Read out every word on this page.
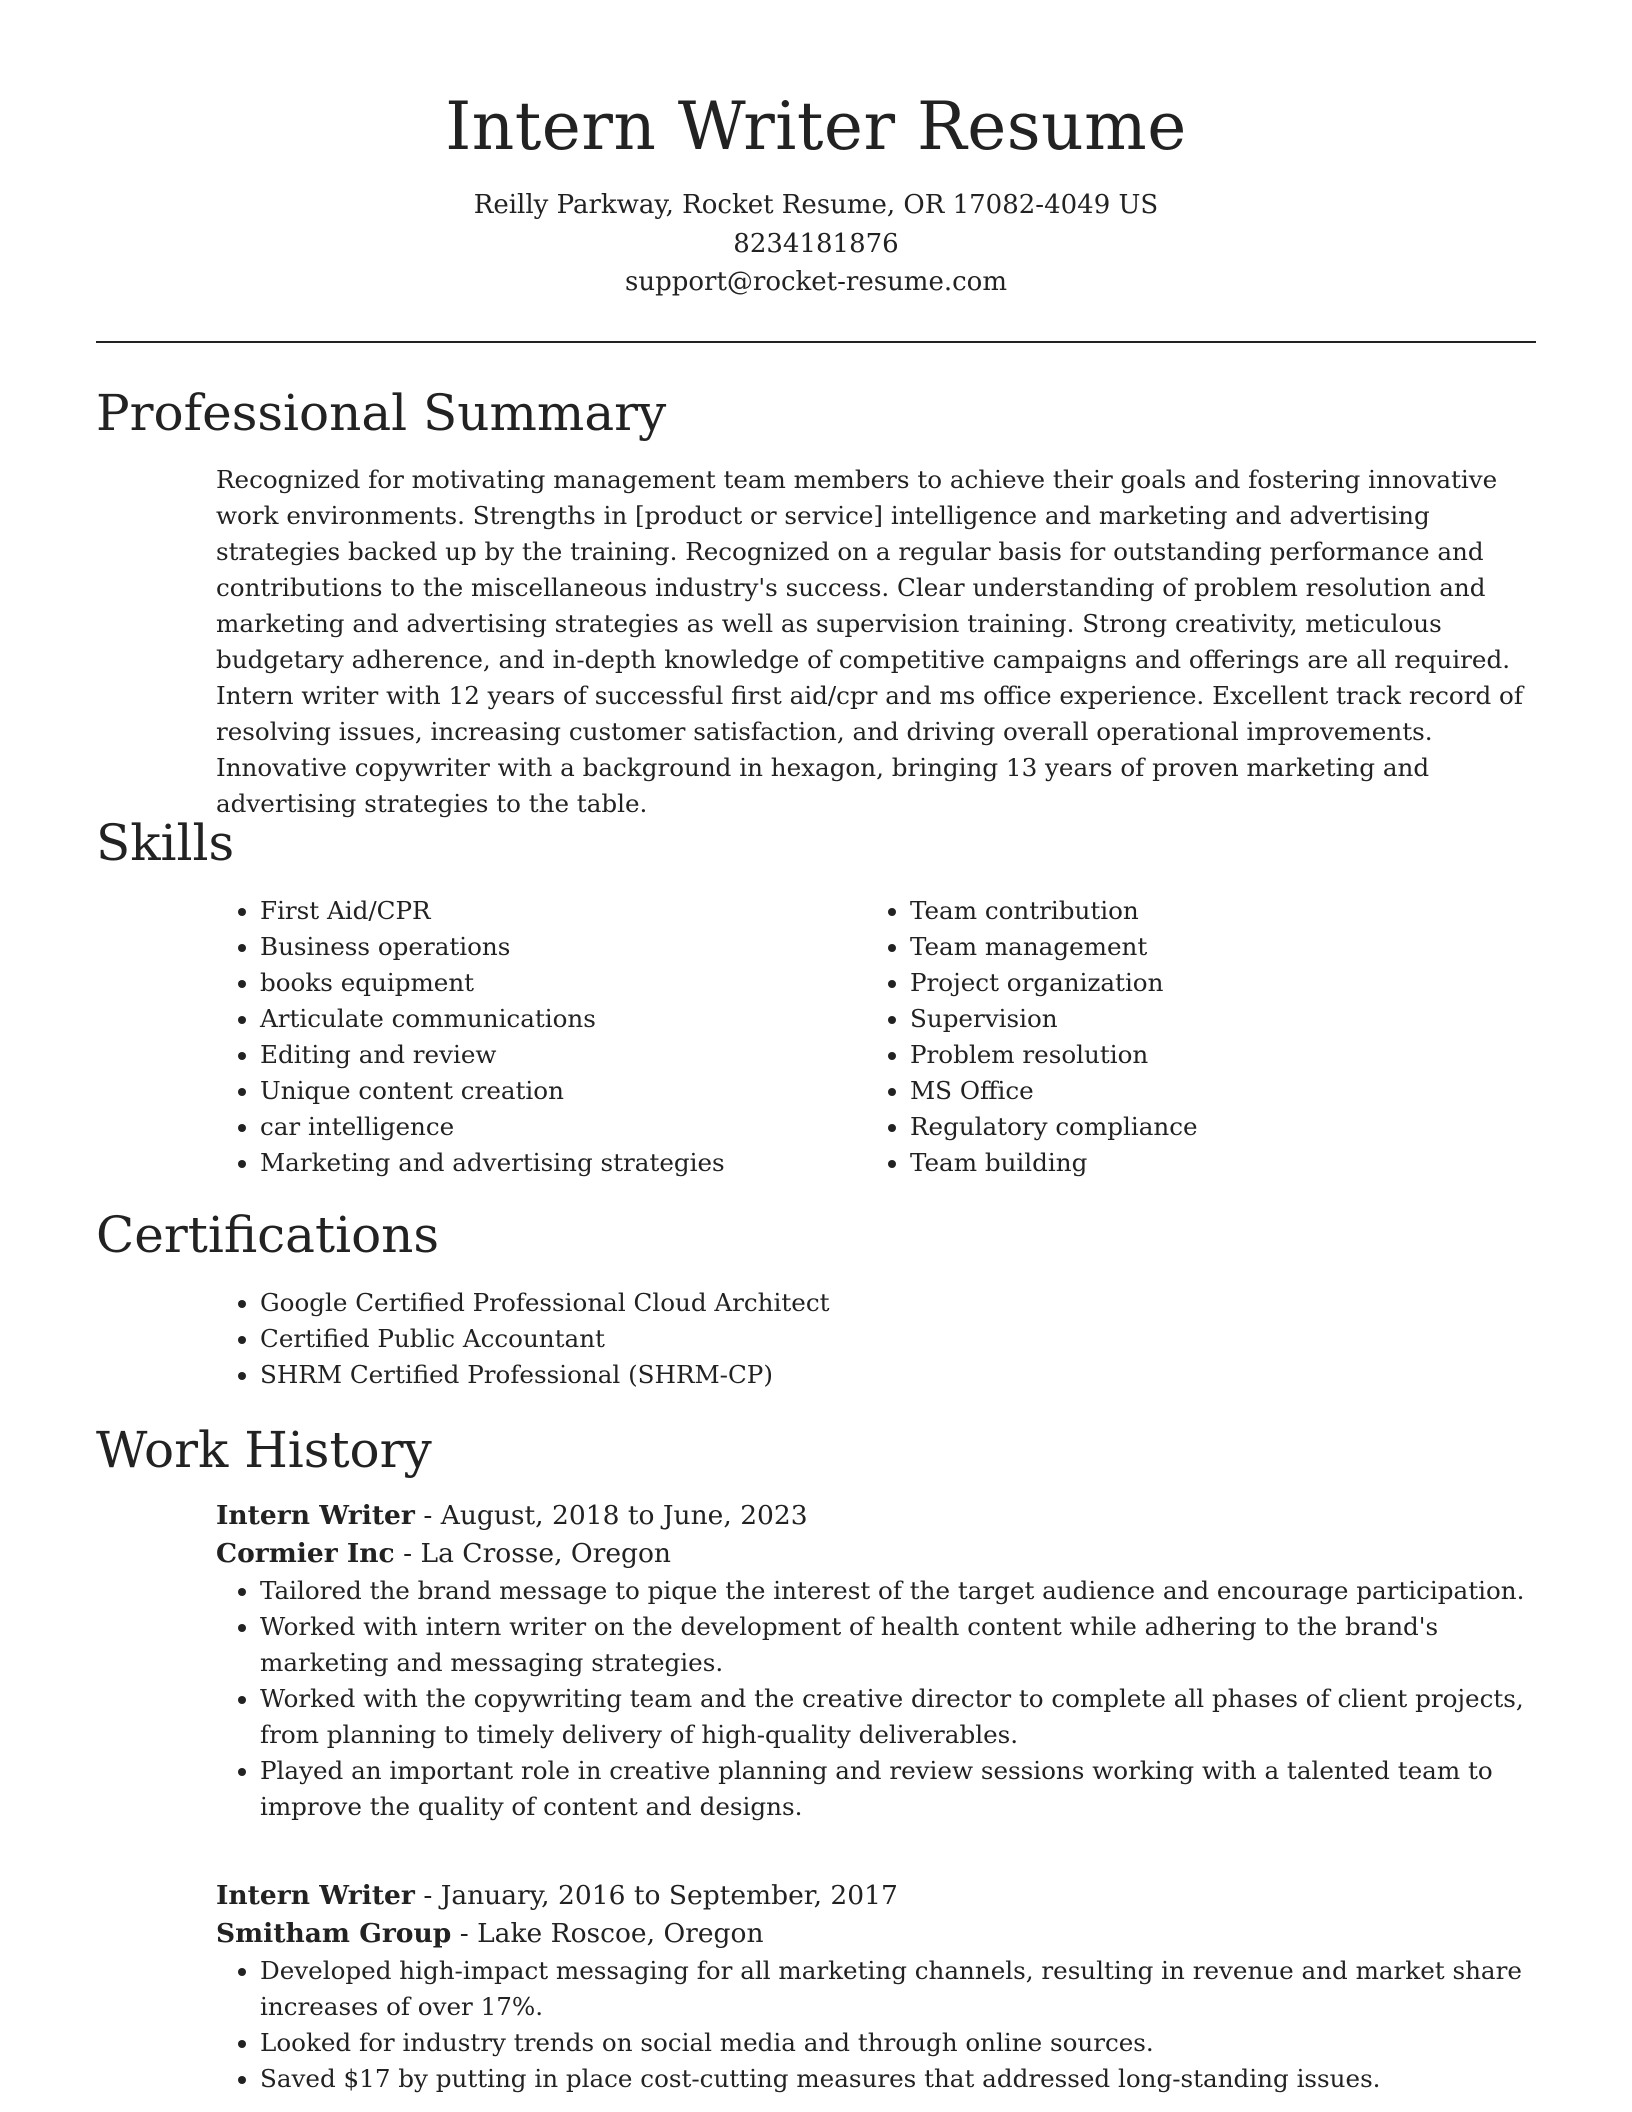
Intern Writer Resume
Reilly Parkway, Rocket Resume, OR 17082-4049 US
8234181876
support@rocket-resume.com
Professional Summary

Recognized for motivating management team members to achieve their goals and fostering innovative work environments. Strengths in [product or service] intelligence and marketing and advertising strategies backed up by the training. Recognized on a regular basis for outstanding performance and contributions to the miscellaneous industry's success. Clear understanding of problem resolution and marketing and advertising strategies as well as supervision training. Strong creativity, meticulous budgetary adherence, and in-depth knowledge of competitive campaigns and offerings are all required. Intern writer with 12 years of successful first aid/cpr and ms office experience. Excellent track record of resolving issues, increasing customer satisfaction, and driving overall operational improvements. Innovative copywriter with a background in hexagon, bringing 13 years of proven marketing and advertising strategies to the table.

Skills
• First Aid/CPR
• Business operations
• books equipment
• Articulate communications
• Editing and review
• Unique content creation
• car intelligence
• Marketing and advertising strategies
• Team contribution
• Team management
• Project organization
• Supervision
• Problem resolution
• MS Office
• Regulatory compliance
• Team building
Certifications
• Google Certified Professional Cloud Architect
• Certified Public Accountant
• SHRM Certified Professional (SHRM-CP)
Work History
Intern Writer - August, 2018 to June, 2023
Cormier Inc - La Crosse, Oregon
• Tailored the brand message to pique the interest of the target audience and encourage participation.
• Worked with intern writer on the development of health content while adhering to the brand's marketing and messaging strategies.
• Worked with the copywriting team and the creative director to complete all phases of client projects, from planning to timely delivery of high-quality deliverables.
• Played an important role in creative planning and review sessions working with a talented team to improve the quality of content and designs.
Intern Writer - January, 2016 to September, 2017
Smitham Group - Lake Roscoe, Oregon
• Developed high-impact messaging for all marketing channels, resulting in revenue and market share increases of over 17%.
• Looked for industry trends on social media and through online sources.
• Saved $17 by putting in place cost-cutting measures that addressed long-standing issues.
